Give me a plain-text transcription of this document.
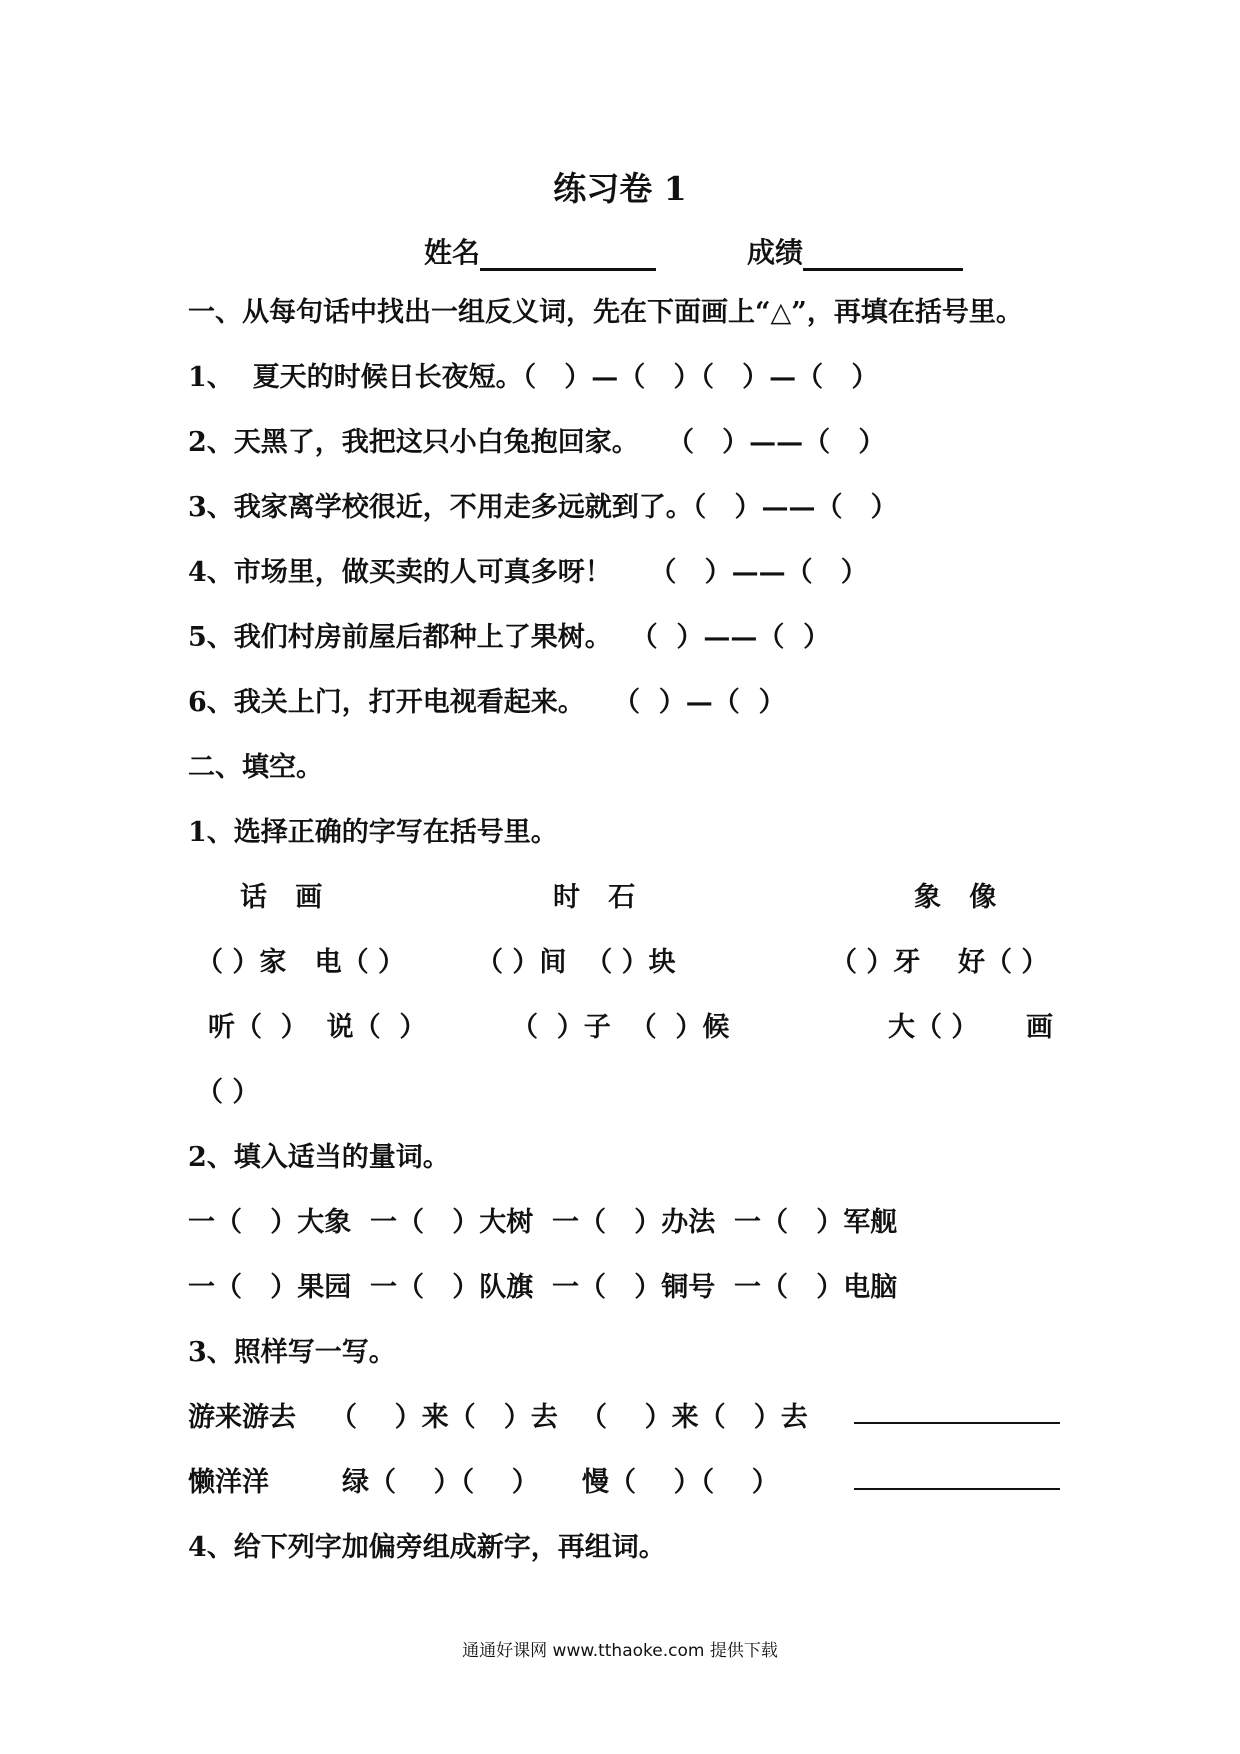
练习卷 1
姓名	成绩
一、从每句话中找出一组反义词，先在下面画上“△”，再填在括号里。
1、  夏天的时候日长夜短。（   ）—（   ）（   ）—（   ）
2、天黑了，我把这只小白兔抱回家。   （   ）——（   ）
3、我家离学校很近，不用走多远就到了。（   ）——（   ）
4、市场里，做买卖的人可真多呀！    （   ）——（   ）
5、我们村房前屋后都种上了果树。  （  ）——（  ）
6、我关上门，打开电视看起来。   （  ）—（  ）
二、填空。
1、选择正确的字写在括号里。
话   画	时   石	象   像
（ ）家   电（ ）	（ ）间  （ ）块	（ ）牙    好（ ）
听（  ）  说（  ）	（  ）子  （  ）候	大（ ） 画
（ ）
2、填入适当的量词。
一（   ）大象  一（   ）大树  一（   ）办法  一（   ）军舰
一（   ）果园  一（   ）队旗  一（   ）铜号  一（   ）电脑
3、照样写一写。
游来游去 （    ）来（   ）去 （    ）来（   ）去
懒洋洋	绿（    ）（    ） 慢（    ）（    ）
4、给下列字加偏旁组成新字，再组词。
通通好课网 www.tthaoke.com 提供下载
